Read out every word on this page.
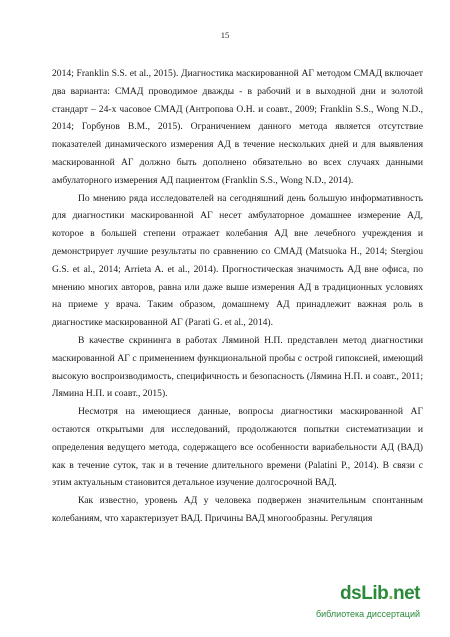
15

2014; Franklin S.S. et al., 2015). Диагностика маскированной АГ методом СМАД включает два варианта: СМАД проводимое дважды - в рабочий и в выходной дни и золотой стандарт – 24-х часовое СМАД (Антропова О.Н. и соавт., 2009; Franklin S.S., Wong N.D., 2014; Горбунов В.М., 2015). Ограничением данного метода является отсутствие показателей динамического измерения АД в течение нескольких дней и для выявления маскированной АГ должно быть дополнено обязательно во всех случаях данными амбулаторного измерения АД пациентом (Franklin S.S., Wong N.D., 2014).

По мнению ряда исследователей на сегодняшний день большую информативность для диагностики маскированной АГ несет амбулаторное домашнее измерение АД, которое в большей степени отражает колебания АД вне лечебного учреждения и демонстрирует лучшие результаты по сравнению со СМАД (Matsuoka H., 2014; Stergiou G.S. et al., 2014; Arrieta A. et al., 2014). Прогностическая значимость АД вне офиса, по мнению многих авторов, равна или даже выше измерения АД в традиционных условиях на приеме у врача. Таким образом, домашнему АД принадлежит важная роль в диагностике маскированной АГ (Parati G. et al., 2014).

В качестве скрининга в работах Ляминой Н.П. представлен метод диагностики маскированной АГ с применением функциональной пробы с острой гипоксией, имеющий высокую воспроизводимость, специфичность и безопасность (Лямина Н.П. и соавт., 2011; Лямина Н.П. и соавт., 2015).

Несмотря на имеющиеся данные, вопросы диагностики маскированной АГ остаются открытыми для исследований, продолжаются попытки систематизации и определения ведущего метода, содержащего все особенности вариабельности АД (ВАД) как в течение суток, так и в течение длительного времени (Palatini P., 2014). В связи с этим актуальным становится детальное изучение долгосрочной ВАД.

Как известно, уровень АД у человека подвержен значительным спонтанным колебаниям, что характеризует ВАД. Причины ВАД многообразны. Регуляция

dsLib.net
библиотека диссертаций
